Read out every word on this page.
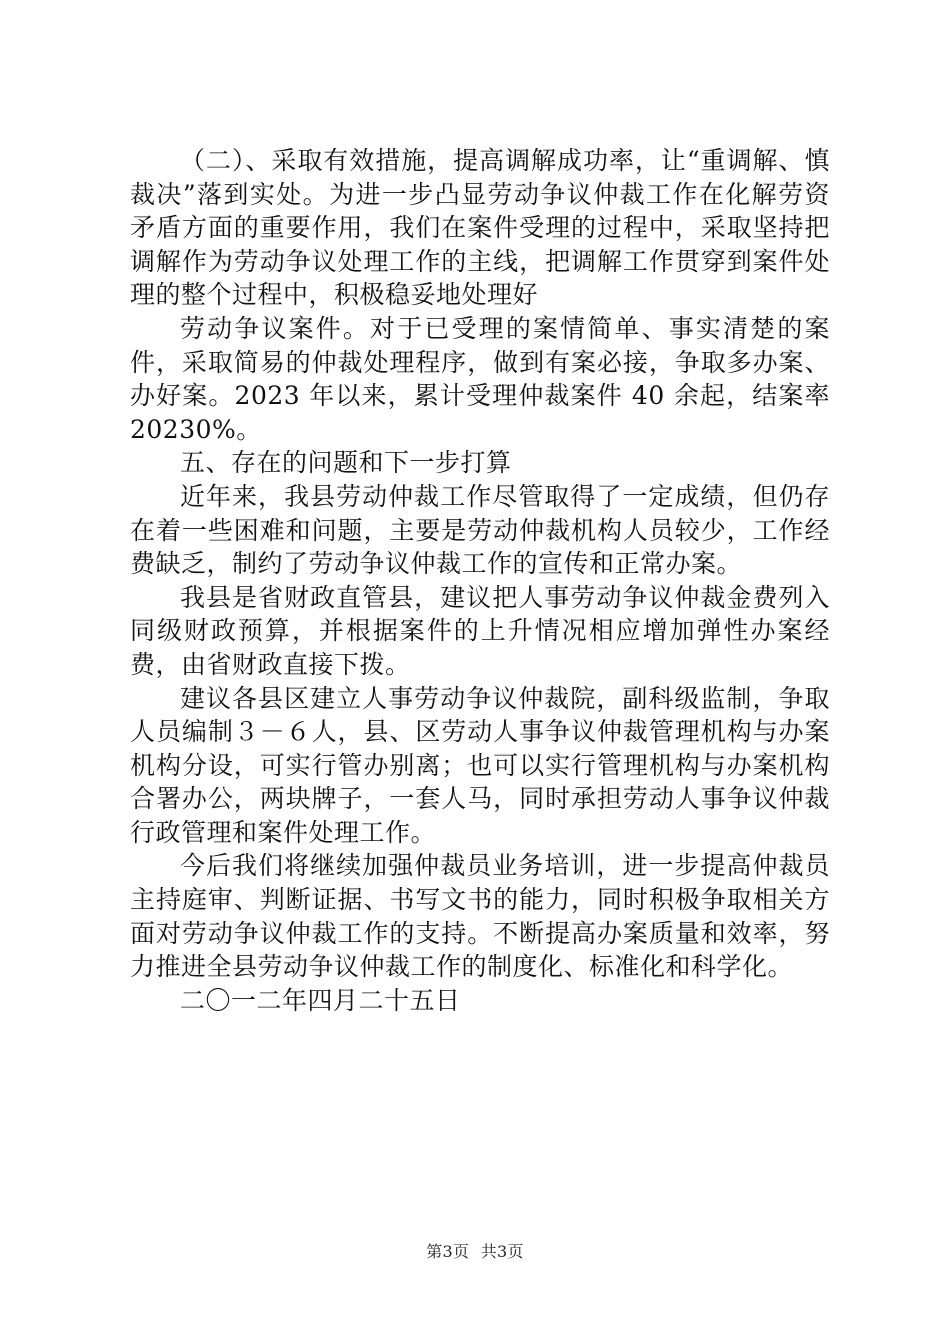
（二）、采取有效措施，提高调解成功率，让“重调解、慎裁决”落到实处。为进一步凸显劳动争议仲裁工作在化解劳资矛盾方面的重要作用，我们在案件受理的过程中，采取坚持把调解作为劳动争议处理工作的主线，把调解工作贯穿到案件处理的整个过程中，积极稳妥地处理好

劳动争议案件。对于已受理的案情简单、事实清楚的案件，采取简易的仲裁处理程序，做到有案必接，争取多办案、办好案。2023 年以来，累计受理仲裁案件 40 余起，结案率20230%。

五、存在的问题和下一步打算

近年来，我县劳动仲裁工作尽管取得了一定成绩，但仍存在着一些困难和问题，主要是劳动仲裁机构人员较少，工作经费缺乏，制约了劳动争议仲裁工作的宣传和正常办案。

我县是省财政直管县，建议把人事劳动争议仲裁金费列入同级财政预算，并根据案件的上升情况相应增加弹性办案经费，由省财政直接下拨。

建议各县区建立人事劳动争议仲裁院，副科级监制，争取人员编制３－６人，县、区劳动人事争议仲裁管理机构与办案机构分设，可实行管办别离；也可以实行管理机构与办案机构合署办公，两块牌子，一套人马，同时承担劳动人事争议仲裁行政管理和案件处理工作。

今后我们将继续加强仲裁员业务培训，进一步提高仲裁员主持庭审、判断证据、书写文书的能力，同时积极争取相关方面对劳动争议仲裁工作的支持。不断提高办案质量和效率，努力推进全县劳动争议仲裁工作的制度化、标准化和科学化。

二〇一二年四月二十五日

第3页 共3页
